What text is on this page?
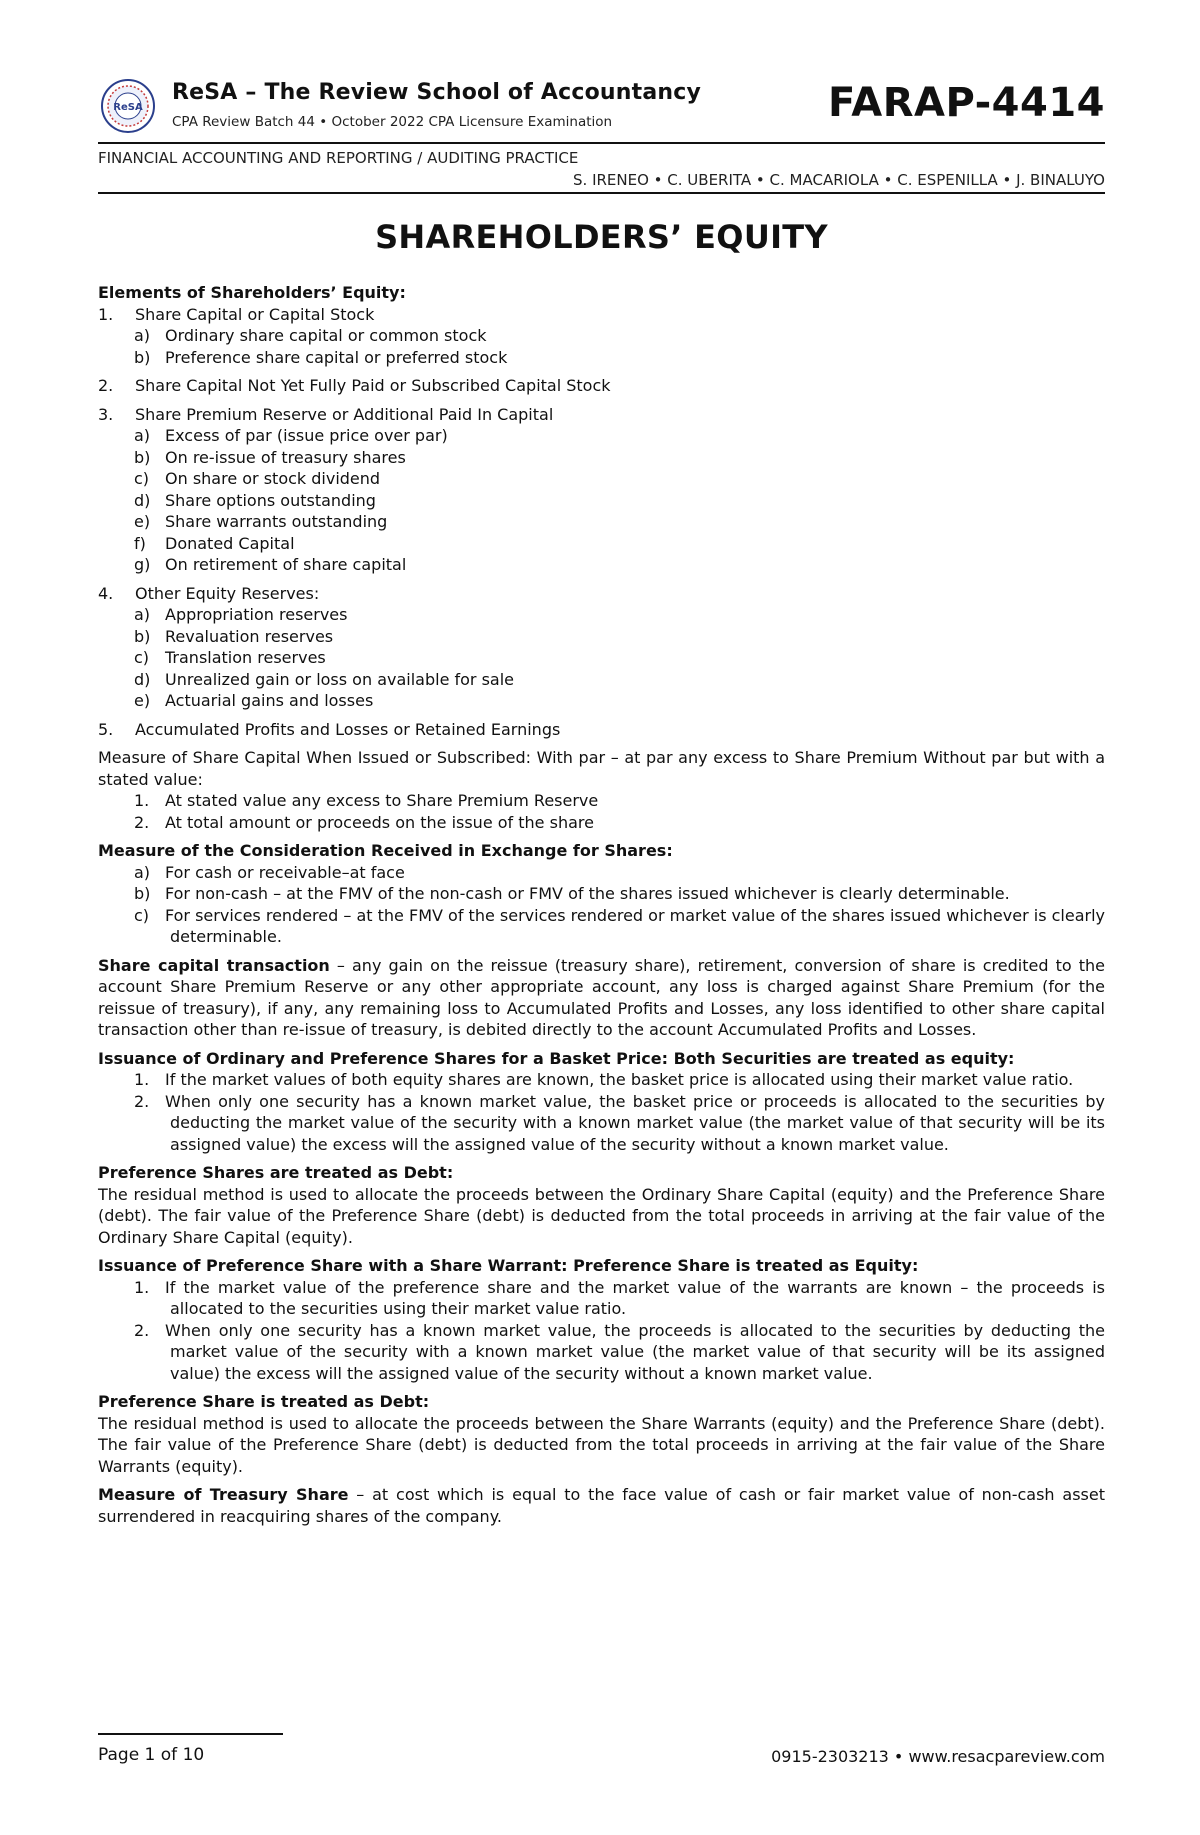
ReSA
ReSA – The Review School of Accountancy
CPA Review Batch 44 • October 2022 CPA Licensure Examination	FARAP-4414
FINANCIAL ACCOUNTING AND REPORTING / AUDITING PRACTICE
S. IRENEO • C. UBERITA • C. MACARIOLA • C. ESPENILLA • J. BINALUYO
SHAREHOLDERS’ EQUITY

Elements of Shareholders’ Equity:

1. Share Capital or Capital Stock

a) Ordinary share capital or common stock

b) Preference share capital or preferred stock

2. Share Capital Not Yet Fully Paid or Subscribed Capital Stock

3. Share Premium Reserve or Additional Paid In Capital

a) Excess of par (issue price over par)

b) On re-issue of treasury shares

c) On share or stock dividend

d) Share options outstanding

e) Share warrants outstanding

f) Donated Capital

g) On retirement of share capital

4. Other Equity Reserves:

a) Appropriation reserves

b) Revaluation reserves

c) Translation reserves

d) Unrealized gain or loss on available for sale

e) Actuarial gains and losses

5. Accumulated Profits and Losses or Retained Earnings

Measure of Share Capital When Issued or Subscribed: With par – at par any excess to Share Premium Without par but with a stated value:

1. At stated value any excess to Share Premium Reserve

2. At total amount or proceeds on the issue of the share

Measure of the Consideration Received in Exchange for Shares:

a) For cash or receivable–at face

b) For non-cash – at the FMV of the non-cash or FMV of the shares issued whichever is clearly determinable.

c) For services rendered – at the FMV of the services rendered or market value of the shares issued whichever is clearly determinable.

Share capital transaction – any gain on the reissue (treasury share), retirement, conversion of share is credited to the account Share Premium Reserve or any other appropriate account, any loss is charged against Share Premium (for the reissue of treasury), if any, any remaining loss to Accumulated Profits and Losses, any loss identified to other share capital transaction other than re-issue of treasury, is debited directly to the account Accumulated Profits and Losses.

Issuance of Ordinary and Preference Shares for a Basket Price: Both Securities are treated as equity:

1. If the market values of both equity shares are known, the basket price is allocated using their market value ratio.

2. When only one security has a known market value, the basket price or proceeds is allocated to the securities by deducting the market value of the security with a known market value (the market value of that security will be its assigned value) the excess will the assigned value of the security without a known market value.

Preference Shares are treated as Debt:

The residual method is used to allocate the proceeds between the Ordinary Share Capital (equity) and the Preference Share (debt). The fair value of the Preference Share (debt) is deducted from the total proceeds in arriving at the fair value of the Ordinary Share Capital (equity).

Issuance of Preference Share with a Share Warrant: Preference Share is treated as Equity:

1. If the market value of the preference share and the market value of the warrants are known – the proceeds is allocated to the securities using their market value ratio.

2. When only one security has a known market value, the proceeds is allocated to the securities by deducting the market value of the security with a known market value (the market value of that security will be its assigned value) the excess will the assigned value of the security without a known market value.

Preference Share is treated as Debt:

The residual method is used to allocate the proceeds between the Share Warrants (equity) and the Preference Share (debt). The fair value of the Preference Share (debt) is deducted from the total proceeds in arriving at the fair value of the Share Warrants (equity).

Measure of Treasury Share – at cost which is equal to the face value of cash or fair market value of non-cash asset surrendered in reacquiring shares of the company.

Page 1 of 10	0915-2303213 • www.resacpareview.com
